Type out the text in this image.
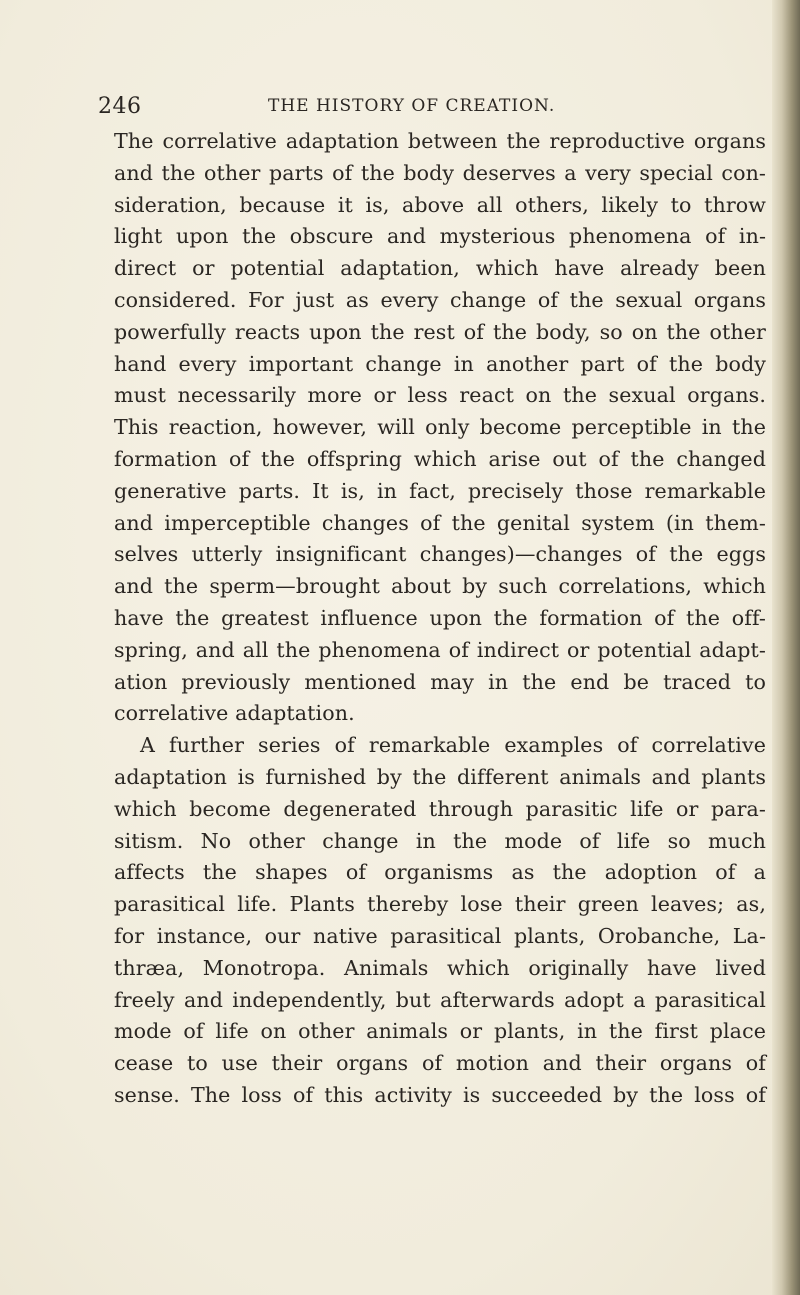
246	THE HISTORY OF CREATION.
The correlative adaptation between the reproductive organs
and the other parts of the body deserves a very special con-
sideration, because it is, above all others, likely to throw
light upon the obscure and mysterious phenomena of in-
direct or potential adaptation, which have already been
considered. For just as every change of the sexual organs
powerfully reacts upon the rest of the body, so on the other
hand every important change in another part of the body
must necessarily more or less react on the sexual organs.
This reaction, however, will only become perceptible in the
formation of the offspring which arise out of the changed
generative parts. It is, in fact, precisely those remarkable
and imperceptible changes of the genital system (in them-
selves utterly insignificant changes)—changes of the eggs
and the sperm—brought about by such correlations, which
have the greatest influence upon the formation of the off-
spring, and all the phenomena of indirect or potential adapt-
ation previously mentioned may in the end be traced to
correlative adaptation.
A further series of remarkable examples of correlative
adaptation is furnished by the different animals and plants
which become degenerated through parasitic life or para-
sitism. No other change in the mode of life so much
affects the shapes of organisms as the adoption of a
parasitical life. Plants thereby lose their green leaves; as,
for instance, our native parasitical plants, Orobanche, La-
thræa, Monotropa. Animals which originally have lived
freely and independently, but afterwards adopt a parasitical
mode of life on other animals or plants, in the first place
cease to use their organs of motion and their organs of
sense. The loss of this activity is succeeded by the loss of
